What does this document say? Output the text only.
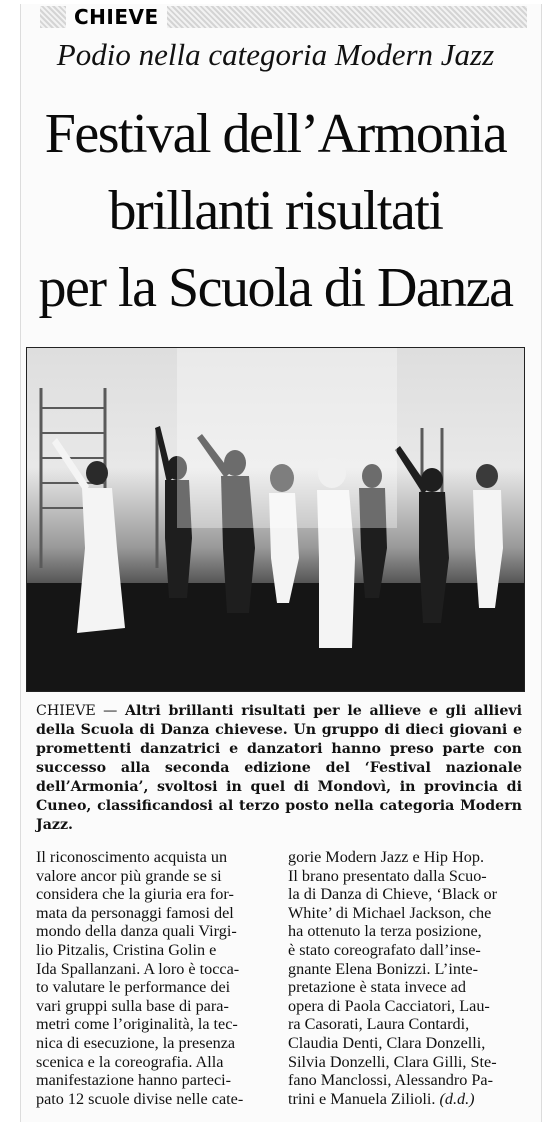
CHIEVE
Podio nella categoria Modern Jazz
Festival dell’Armonia
brillanti risultati
per la Scuola di Danza
CHIEVE — Altri brillanti risultati per le allieve e gli allievi della Scuola di Danza chievese. Un gruppo di dieci giovani e promettenti danzatrici e danzatori hanno preso parte con successo alla seconda edizione del ‘Festival nazionale dell’Armonia’, svoltosi in quel di Mondovì, in provincia di Cuneo, classificandosi al terzo posto nella categoria Modern Jazz.
Il riconoscimento acquista un
valore ancor più grande se si
considera che la giuria era for-
mata da personaggi famosi del
mondo della danza quali Virgi-
lio Pitzalis, Cristina Golin e
Ida Spallanzani. A loro è tocca-
to valutare le performance dei
vari gruppi sulla base di para-
metri come l’originalità, la tec-
nica di esecuzione, la presenza
scenica e la coreografia. Alla
manifestazione hanno parteci-
pato 12 scuole divise nelle cate-
gorie Modern Jazz e Hip Hop.
Il brano presentato dalla Scuo-
la di Danza di Chieve, ‘Black or
White’ di Michael Jackson, che
ha ottenuto la terza posizione,
è stato coreografato dall’inse-
gnante Elena Bonizzi. L’inte-
pretazione è stata invece ad
opera di Paola Cacciatori, Lau-
ra Casorati, Laura Contardi,
Claudia Denti, Clara Donzelli,
Silvia Donzelli, Clara Gilli, Ste-
fano Manclossi, Alessandro Pa-
trini e Manuela Zilioli. (d.d.)
